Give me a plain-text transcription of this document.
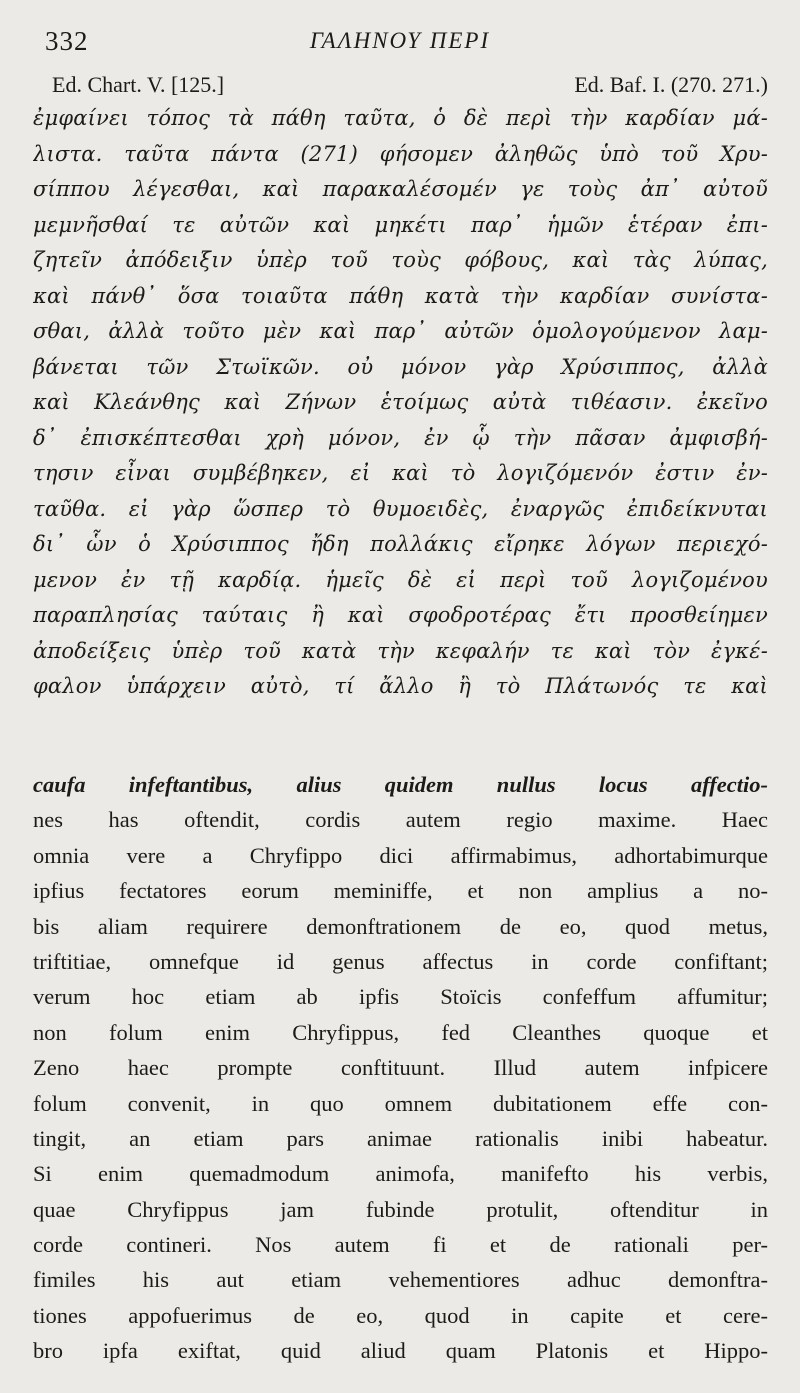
332	ΓΑΛΗΝΟΥ ΠΕΡΙ
Ed. Chart. V. [125.]	Ed. Baf. I. (270. 271.)
ἐμφαίνει τόπος τὰ πάθη ταῦτα, ὁ δὲ περὶ τὴν καρδίαν μά-
λιστα. ταῦτα πάντα (271) φήσομεν ἀληθῶς ὑπὸ τοῦ Χρυ-
σίππου λέγεσθαι, καὶ παρακαλέσομέν γε τοὺς ἀπ᾽ αὐτοῦ
μεμνῆσθαί τε αὐτῶν καὶ μηκέτι παρ᾽ ἡμῶν ἑτέραν ἐπι-
ζητεῖν ἀπόδειξιν ὑπὲρ τοῦ τοὺς φόβους, καὶ τὰς λύπας,
καὶ πάνθ᾽ ὅσα τοιαῦτα πάθη κατὰ τὴν καρδίαν συνίστα-
σθαι, ἀλλὰ τοῦτο μὲν καὶ παρ᾽ αὐτῶν ὁμολογούμενον λαμ-
βάνεται τῶν Στωϊκῶν. οὐ μόνον γὰρ Χρύσιππος, ἀλλὰ
καὶ Κλεάνθης καὶ Ζήνων ἑτοίμως αὐτὰ τιθέασιν. ἐκεῖνο
δ᾽ ἐπισκέπτεσθαι χρὴ μόνον, ἐν ᾧ τὴν πᾶσαν ἀμφισβή-
τησιν εἶναι συμβέβηκεν, εἰ καὶ τὸ λογιζόμενόν ἐστιν ἐν-
ταῦθα. εἰ γὰρ ὥσπερ τὸ θυμοειδὲς, ἐναργῶς ἐπιδείκνυται
δι᾽ ὧν ὁ Χρύσιππος ἤδη πολλάκις εἴρηκε λόγων περιεχό-
μενον ἐν τῇ καρδίᾳ. ἡμεῖς δὲ εἰ περὶ τοῦ λογιζομένου
παραπλησίας ταύταις ἢ καὶ σφοδροτέρας ἔτι προσθείημεν
ἀποδείξεις ὑπὲρ τοῦ κατὰ τὴν κεφαλήν τε καὶ τὸν ἐγκέ-
φαλον ὑπάρχειν αὐτὸ, τί ἄλλο ἢ τὸ Πλάτωνός τε καὶ
caufa infeftantibus, alius quidem nullus locus affectio-
nes has oftendit, cordis autem regio maxime. Haec
omnia vere a Chryfippo dici affirmabimus, adhortabimurque
ipfius fectatores eorum meminiffe, et non amplius a no-
bis aliam requirere demonftrationem de eo, quod metus,
triftitiae, omnefque id genus affectus in corde confiftant;
verum hoc etiam ab ipfis Stoïcis confeffum affumitur;
non folum enim Chryfippus, fed Cleanthes quoque et
Zeno haec prompte conftituunt. Illud autem infpicere
folum convenit, in quo omnem dubitationem effe con-
tingit, an etiam pars animae rationalis inibi habeatur.
Si enim quemadmodum animofa, manifefto his verbis,
quae Chryfippus jam fubinde protulit, oftenditur in
corde contineri. Nos autem fi et de rationali per-
fimiles his aut etiam vehementiores adhuc demonftra-
tiones appofuerimus de eo, quod in capite et cere-
bro ipfa exiftat, quid aliud quam Platonis et Hippo-
